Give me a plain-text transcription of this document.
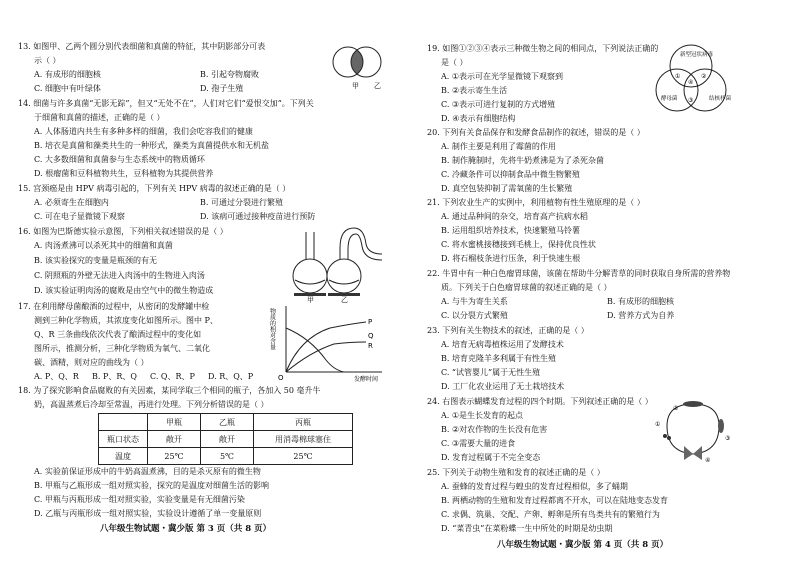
13. 如图甲、乙两个圆分别代表细菌和真菌的特征，其中阴影部分可表
示（ ）
A. 有成形的细胞核	B. 引起夸物腐败
C. 细胞中有叶绿体	D. 孢子生殖	甲 乙
14. 细菌与许多真菌“无影无踪”，但又“无处不在”，人们对它们“爱恨交加”。下列关
于细菌和真菌的描述，正确的是（ ）
A. 人体肠道内共生有多种多样的细菌，我们会吃容我们的健康
B. 培衣是真菌和藻类共生的一种形式，藻类为真菌提供水和无机盐
C. 大多数细菌和真菌参与生态系统中的物质循环
D. 根瘤菌和豆科植物共生，豆科植物为其提供营养
15. 宫颈癌是由 HPV 病毒引起的，下列有关 HPV 病毒的叙述正确的是（ ）
A. 必须寄生在细胞内	B. 可通过分裂进行繁殖
C. 可在电子显微镜下观察	D. 该病可通过接种疫苗进行预防
16. 如图为巴斯德实验示意图，下列相关叙述错误的是（ ）
A. 肉汤煮沸可以杀死其中的细菌和真菌
B. 该实验探究的变量是瓶颈的有无
C. 阴照瓶的外壁无法进入肉汤中的生物进入肉汤
D. 该实验证明肉汤的腐败是由空气中的微生物造成
甲	乙
17. 在利用酵母菌酿酒的过程中，从密闭的发酵罐中检
测到三种化学物质，其浓度变化如图所示。图中 P、
Q、R 三条曲线依次代表了酿酒过程中的变化如
图所示，推测分析，三种化学物质为氧气、二氧化
碳、酒精，则对应的曲线为（ ）
A. P、Q、R B. P、R、Q C. Q、R、P D. R、Q、P
P
Q
R
O	发酵时间
物质的相对含量
18. 为了探究影响食品腐败的有关因素，某同学取三个相同的瓶子，各加入 50 毫升牛
奶，高温蒸煮后冷却至常温，再进行处理。下列分析错误的是（ ）
	甲瓶	乙瓶	丙瓶
瓶口状态	敞开	敞开	用消毒棉球塞住
温度	25℃	5℃	25℃
A. 实验前保证形成中的牛奶高温煮沸，目的是杀灭原有的微生物
B. 甲瓶与乙瓶形成一组对照实验，探究的是温度对细菌生活的影响
C. 甲瓶与丙瓶形成一组对照实验，实验变量是有无细菌污染
D. 乙瓶与丙瓶形成一组对照实验，实验设计遵循了单一变量原则
八年级生物试题・冀少版 第 3 页（共 8 页）
19. 如图①②③④表示三种微生物之间的相同点，下列说法正确的
是（ ）
A. ①表示可在光学显微镜下观察到
B. ②表示寄生生活
C. ③表示可进行复制的方式增殖
D. ④表示有细胞结构
新型冠状病毒
酵母菌	结核杆菌
①	②
④
③
20. 下列有关食品保存和发酵食品制作的叙述，错误的是（ ）
A. 制作主要是利用了霉菌的作用
B. 制作腌制时，先将牛奶煮沸是为了杀死杂菌
C. 冷藏条件可以抑制食品中微生物繁殖
D. 真空包装抑制了需氧菌的生长繁殖
21. 下列农业生产的实例中，利用植物有性生殖原理的是（ ）
A. 通过品种间的杂交，培育高产抗病水稻
B. 运用组织培养技术，快速繁殖马铃薯
C. 将水蜜桃接穗接到毛桃上，保持优良性状
D. 将石榴枝条进行压条，利于快速生根
22. 牛胃中有一种白色瘤胃球菌，该菌在帮助牛分解青草的同时获取自身所需的营养物
质。下列关于白色瘤胃球菌的叙述正确的是（ ）
A. 与牛为寄生关系	B. 有成形的细胞核
C. 以分裂方式繁殖	D. 营养方式为自养
23. 下列有关生物技术的叙述，正确的是（ ）
A. 培育无病毒植株运用了发酵技术
B. 培育克隆羊多利属于有性生殖
C. “试管婴儿”属于无性生殖
D. 工厂化农业运用了无土栽培技术
24. 右图表示蝴蝶发育过程的四个时期。下列叙述正确的是（ ）
A. ①是生长发育的起点
B. ②对农作物的生长没有危害
C. ③需要大量的进食
D. 发育过程属于不完全变态
②
③
④
①
25. 下列关于动物生殖和发育的叙述正确的是（ ）
A. 蚕蜂的发育过程与蝗虫的发育过程相似，多了蛹期
B. 两栖动物的生殖和发育过程都离不开水，可以在陆地变态发育
C. 求偶、筑巢、交配、产卵、孵卵是所有鸟类共有的繁殖行为
D. “菜青虫”在菜粉蝶一生中所处的时期是幼虫期
八年级生物试题・冀少版 第 4 页（共 8 页）
